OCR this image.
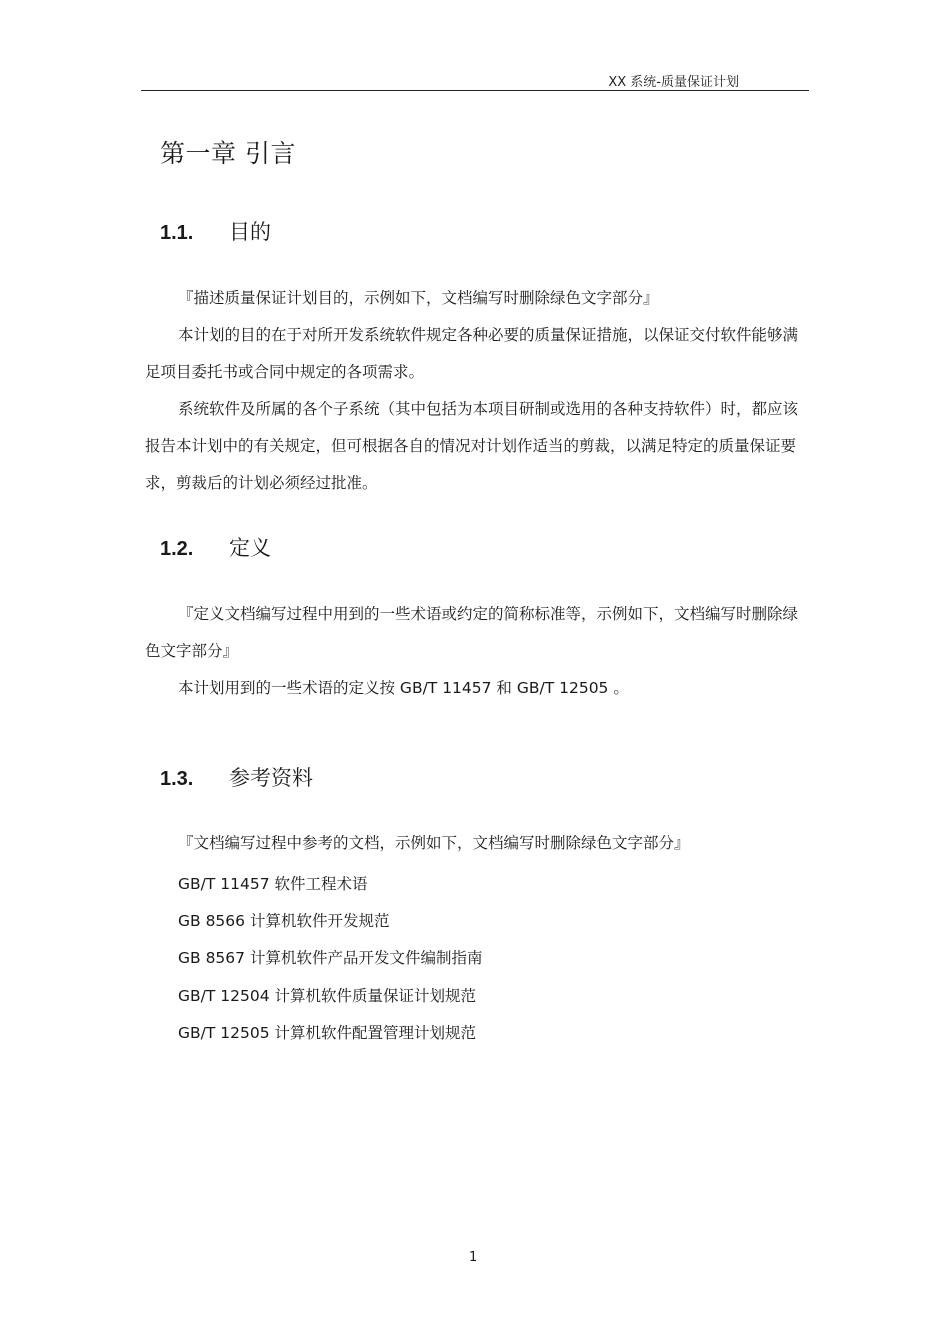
XX 系统-质量保证计划
第一章 引言
1.1. 目的

『描述质量保证计划目的，示例如下，文档编写时删除绿色文字部分』

本计划的目的在于对所开发系统软件规定各种必要的质量保证措施，以保证交付软件能够满足项目委托书或合同中规定的各项需求。

系统软件及所属的各个子系统（其中包括为本项目研制或选用的各种支持软件）时，都应该报告本计划中的有关规定，但可根据各自的情况对计划作适当的剪裁，以满足特定的质量保证要求，剪裁后的计划必须经过批准。

1.2. 定义

『定义文档编写过程中用到的一些术语或约定的简称标准等，示例如下，文档编写时删除绿色文字部分』

本计划用到的一些术语的定义按 GB/T 11457 和 GB/T 12505 。

1.3. 参考资料

『文档编写过程中参考的文档，示例如下，文档编写时删除绿色文字部分』

GB/T 11457 软件工程术语
GB 8566 计算机软件开发规范
GB 8567 计算机软件产品开发文件编制指南
GB/T 12504 计算机软件质量保证计划规范
GB/T 12505 计算机软件配置管理计划规范
1
